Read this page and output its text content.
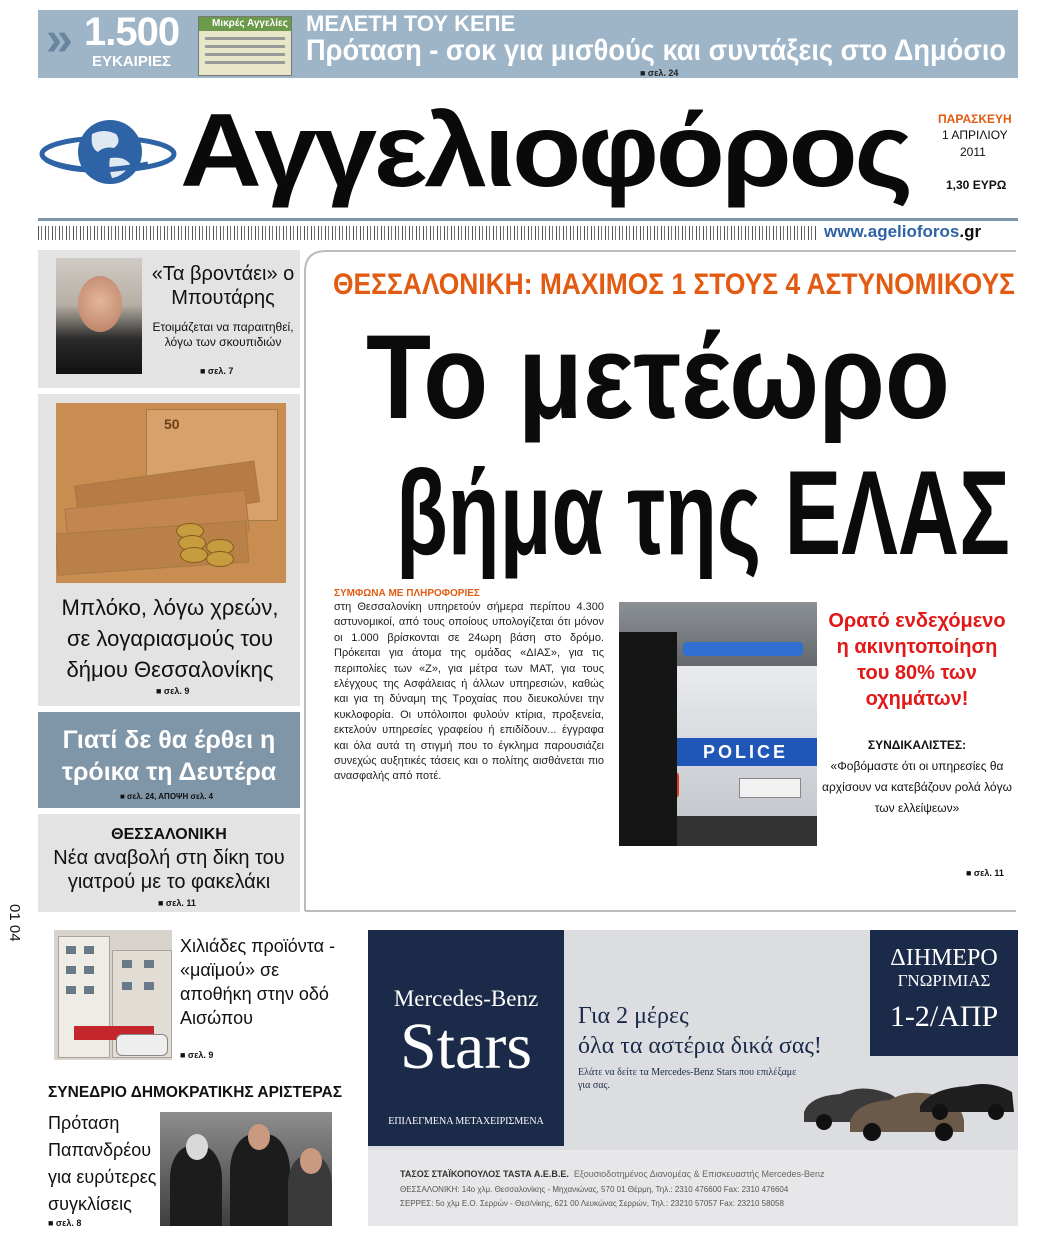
» 1.500
ΕΥΚΑΙΡΙΕΣ
Μικρές Αγγελίες ΜΕΛΕΤΗ ΤΟΥ ΚΕΠΕ
Πρόταση - σοκ για μισθούς και συντάξεις στο Δημόσιο
■ σελ. 24
Αγγελιοφόρος ΠΑΡΑΣΚΕΥΗ
1 ΑΠΡΙΛΙΟΥ
2011
1,30 ΕΥΡΩ
www.agelioforos.gr
«Τα βροντάει» ο Μπουτάρης
Ετοιμάζεται να παραιτηθεί, λόγω των σκουπιδιών
■ σελ. 7
50
Μπλόκο, λόγω χρεών, σε λογαριασμούς του δήμου Θεσσαλονίκης
■ σελ. 9
Γιατί δε θα έρθει η τρόικα τη Δευτέρα
■ σελ. 24, ΑΠΟΨΗ σελ. 4
ΘΕΣΣΑΛΟΝΙΚΗ
Νέα αναβολή στη δίκη του γιατρού με το φακελάκι
■ σελ. 11
ΘΕΣΣΑΛΟΝΙΚΗ: ΜΑΧΙΜΟΣ 1 ΣΤΟΥΣ 4 ΑΣΤΥΝΟΜΙΚΟΥΣ
Το μετέωρο
βήμα της ΕΛΑΣ
ΣΥΜΦΩΝΑ ΜΕ ΠΛΗΡΟΦΟΡΙΕΣ
στη Θεσσαλονίκη υπηρετούν σήμερα περίπου 4.300 αστυνομικοί, από τους οποίους υπολογίζεται ότι μόνον οι 1.000 βρίσκονται σε 24ωρη βάση στο δρόμο. Πρόκειται για άτομα της ομάδας «ΔΙΑΣ», για τις περιπολίες των «Ζ», για μέτρα των ΜΑΤ, για τους ελέγχους της Ασφάλειας ή άλλων υπηρεσιών, καθώς και για τη δύναμη της Τροχαίας που διευκολύνει την κυκλοφορία. Οι υπόλοιποι φυλούν κτίρια, προξενεία, εκτελούν υπηρεσίες γραφείου ή επιδίδουν... έγγραφα και όλα αυτά τη στιγμή που το έγκλημα παρουσιάζει συνεχώς αυξητικές τάσεις και ο πολίτης αισθάνεται πιο ανασφαλής από ποτέ.
POLICE
Ορατό ενδεχόμενο η ακινητοποίηση του 80% των οχημάτων!
ΣΥΝΔΙΚΑΛΙΣΤΕΣ:
«Φοβόμαστε ότι οι υπηρεσίες θα αρχίσουν να κατεβάζουν ρολά λόγω των ελλείψεων»
■ σελ. 11
01 04
Χιλιάδες προϊόντα - «μαϊμού» σε αποθήκη στην οδό Αισώπου
■ σελ. 9
ΣΥΝΕΔΡΙΟ ΔΗΜΟΚΡΑΤΙΚΗΣ ΑΡΙΣΤΕΡΑΣ
Πρόταση Παπανδρέου για ευρύτερες συγκλίσεις
■ σελ. 8
Mercedes-Benz
Stars
ΕΠΙΛΕΓΜΕΝΑ ΜΕΤΑΧΕΙΡΙΣΜΕΝΑ
ΔΙΗΜΕΡΟ
ΓΝΩΡΙΜΙΑΣ
1-2/ΑΠΡ
Για 2 μέρες
όλα τα αστέρια δικά σας!
Ελάτε να δείτε τα Mercedes-Benz Stars που επιλέξαμε για σας.
ΤΑΣΟΣ ΣΤΑΪΚΟΠΟΥΛΟΣ TASTA Α.Ε.Β.Ε. Εξουσιοδοτημένος Διανομέας & Επισκευαστής Mercedes-Benz
ΘΕΣΣΑΛΟΝΙΚΗ: 14ο χλμ. Θεσσαλονίκης - Μηχανιώνας, 570 01 Θέρμη, Τηλ.: 2310 476600 Fax: 2310 476604
ΣΕΡΡΕΣ: 5ο χλμ Ε.Ο. Σερρών - Θεσ/νίκης, 621 00 Λευκώνας Σερρών, Τηλ.: 23210 57057 Fax: 23210 58058
